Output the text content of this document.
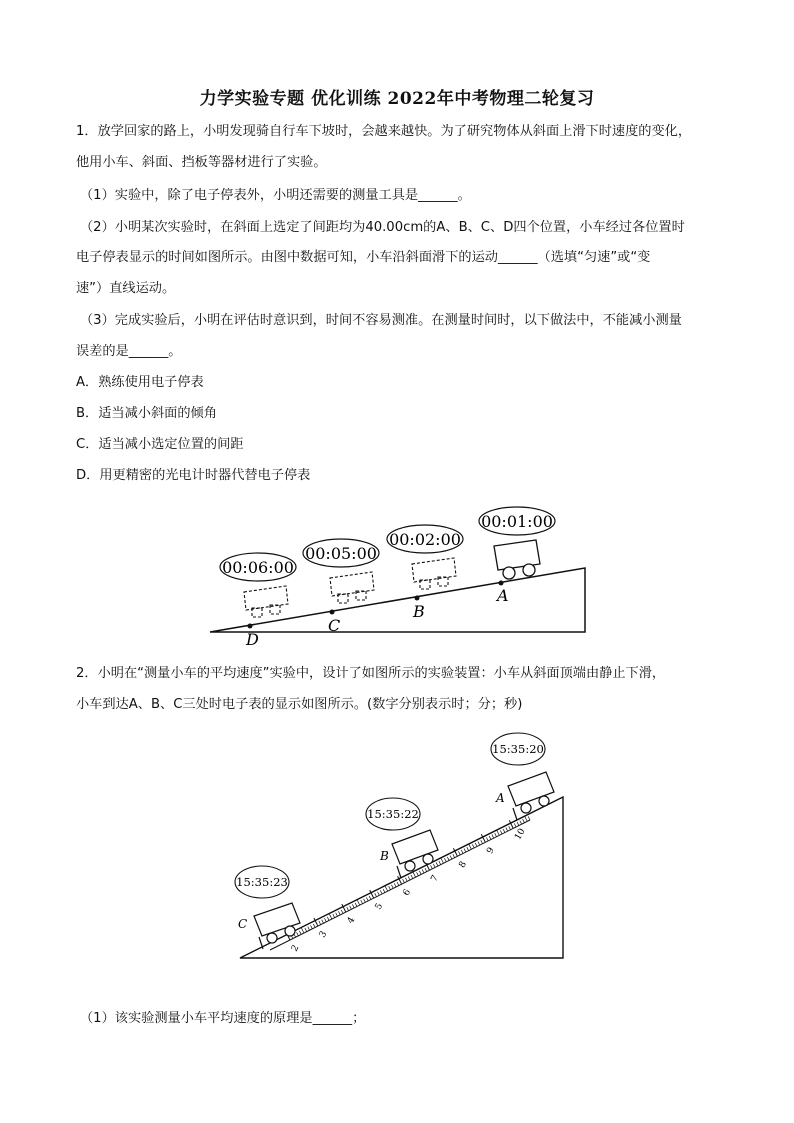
力学实验专题 优化训练 2022年中考物理二轮复习
1．放学回家的路上，小明发现骑自行车下坡时，会越来越快。为了研究物体从斜面上滑下时速度的变化，
他用小车、斜面、挡板等器材进行了实验。
（1）实验中，除了电子停表外，小明还需要的测量工具是______。
（2）小明某次实验时，在斜面上选定了间距均为40.00cm的A、B、C、D四个位置，小车经过各位置时
电子停表显示的时间如图所示。由图中数据可知，小车沿斜面滑下的运动______（选填“匀速”或“变
速”）直线运动。
（3）完成实验后，小明在评估时意识到，时间不容易测准。在测量时间时，以下做法中，不能减小测量
误差的是______。
A．熟练使用电子停表
B．适当减小斜面的倾角
C．适当减小选定位置的间距
D．用更精密的光电计时器代替电子停表
00:06:00
00:05:00
00:02:00
00:01:00
D
C
B
A
2．小明在“测量小车的平均速度”实验中，设计了如图所示的实验装置：小车从斜面顶端由静止下滑，
小车到达A、B、C三处时电子表的显示如图所示。(数字分别表示时；分；秒)
2
3
4
5
6
7
8
9
10
15:35:23
15:35:22
15:35:20
C
B
A
（1）该实验测量小车平均速度的原理是______；
